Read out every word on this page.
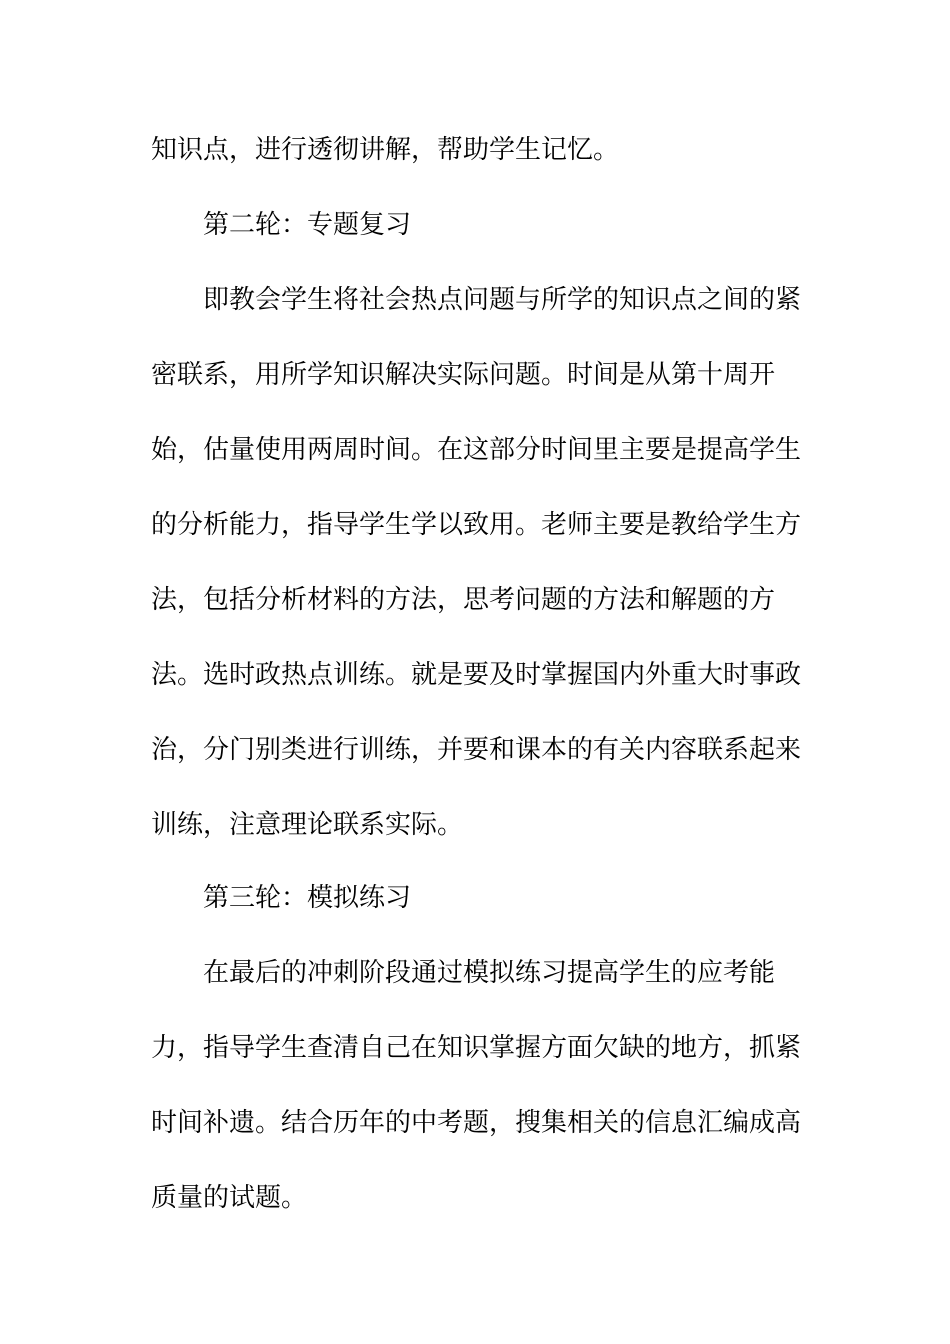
知识点，进行透彻讲解，帮助学生记忆。

第二轮：专题复习

即教会学生将社会热点问题与所学的知识点之间的紧

密联系，用所学知识解决实际问题。时间是从第十周开

始，估量使用两周时间。在这部分时间里主要是提高学生

的分析能力，指导学生学以致用。老师主要是教给学生方

法，包括分析材料的方法，思考问题的方法和解题的方

法。选时政热点训练。就是要及时掌握国内外重大时事政

治，分门别类进行训练，并要和课本的有关内容联系起来

训练，注意理论联系实际。

第三轮：模拟练习

在最后的冲刺阶段通过模拟练习提高学生的应考能

力，指导学生查清自己在知识掌握方面欠缺的地方，抓紧

时间补遗。结合历年的中考题，搜集相关的信息汇编成高

质量的试题。
